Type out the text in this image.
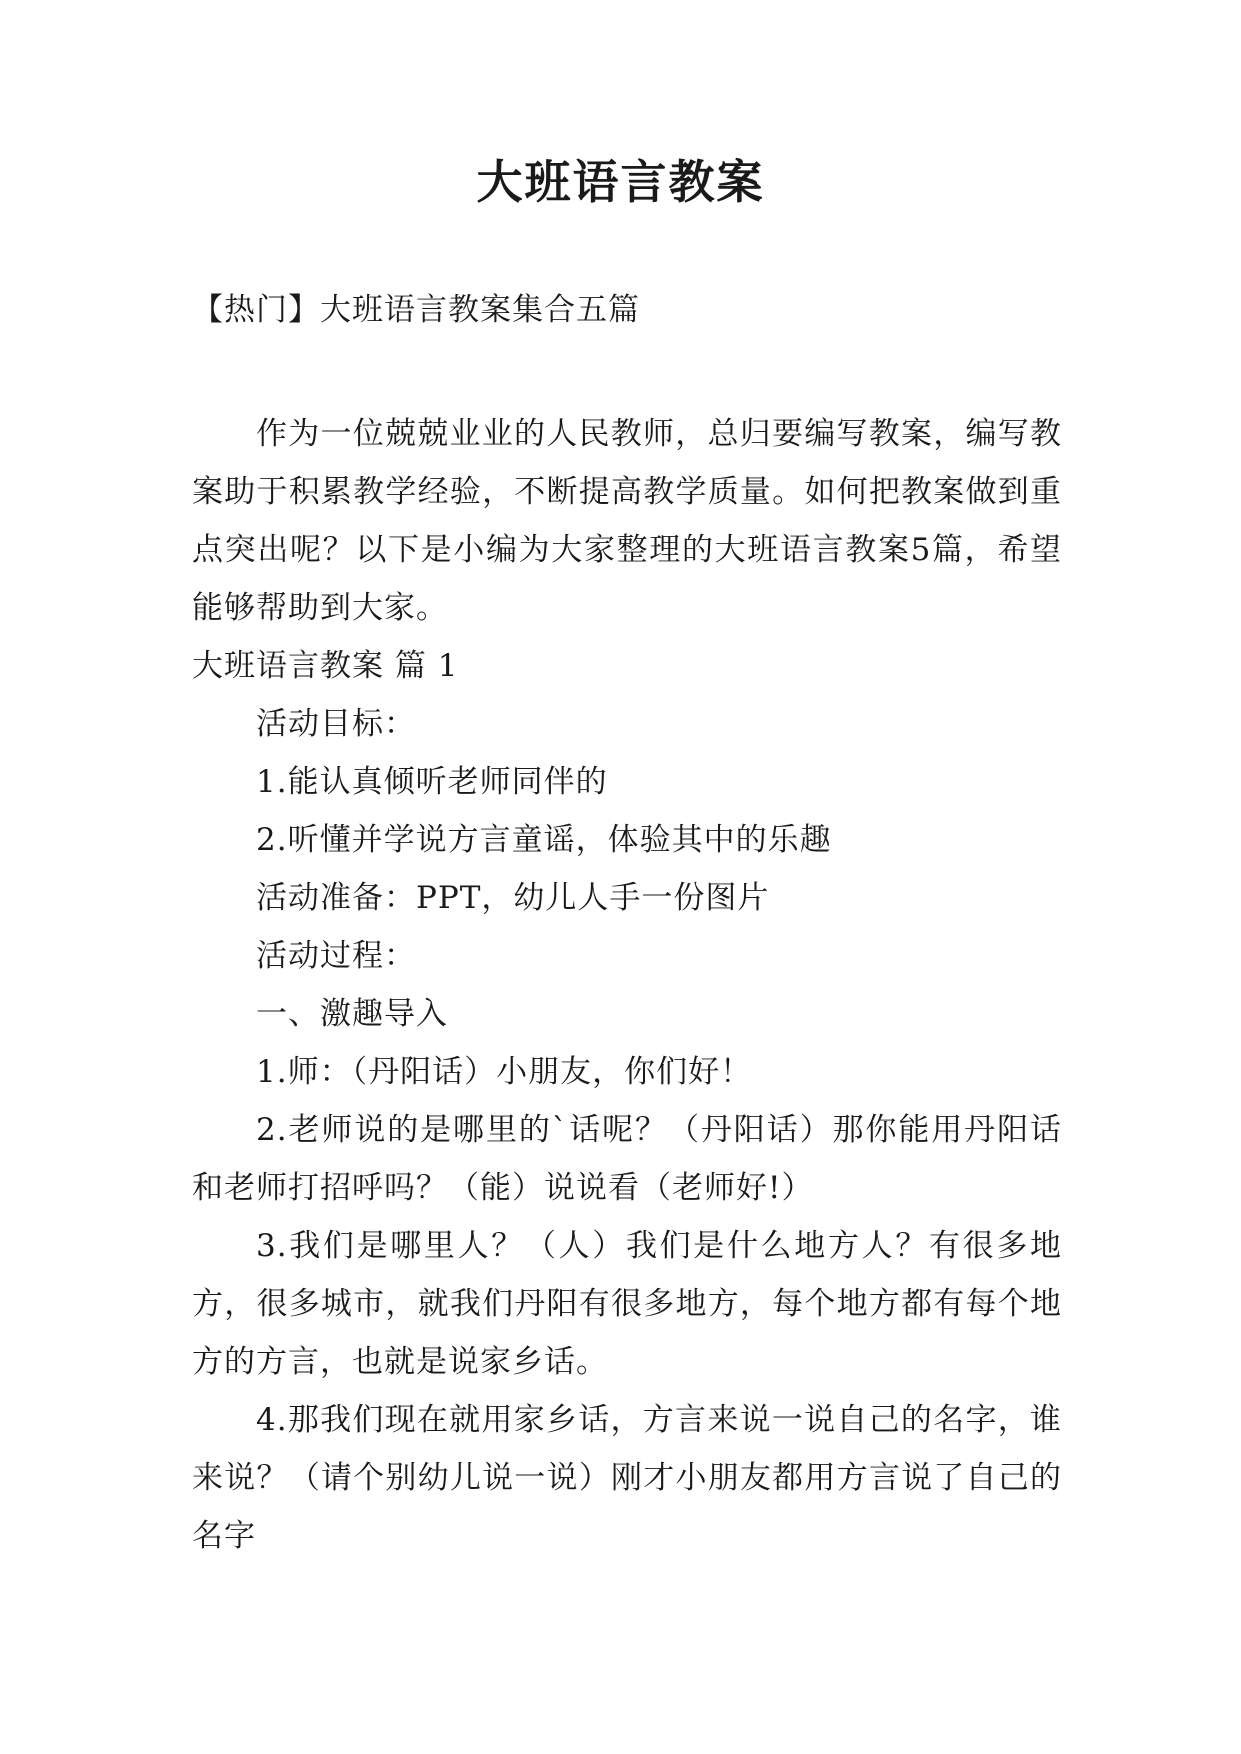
大班语言教案
【热门】大班语言教案集合五篇

作为一位兢兢业业的人民教师，总归要编写教案，编写教案助于积累教学经验，不断提高教学质量。如何把教案做到重点突出呢？以下是小编为大家整理的大班语言教案5篇，希望能够帮助到大家。

大班语言教案 篇 1

活动目标：

1.能认真倾听老师同伴的

2.听懂并学说方言童谣，体验其中的乐趣

活动准备：PPT，幼儿人手一份图片

活动过程：

一、激趣导入

1.师：（丹阳话）小朋友，你们好！

2.老师说的是哪里的`话呢？（丹阳话）那你能用丹阳话和老师打招呼吗？（能）说说看（老师好!）

3.我们是哪里人？（人）我们是什么地方人？有很多地方，很多城市，就我们丹阳有很多地方，每个地方都有每个地方的方言，也就是说家乡话。

4.那我们现在就用家乡话，方言来说一说自己的名字，谁来说？（请个别幼儿说一说）刚才小朋友都用方言说了自己的名字
